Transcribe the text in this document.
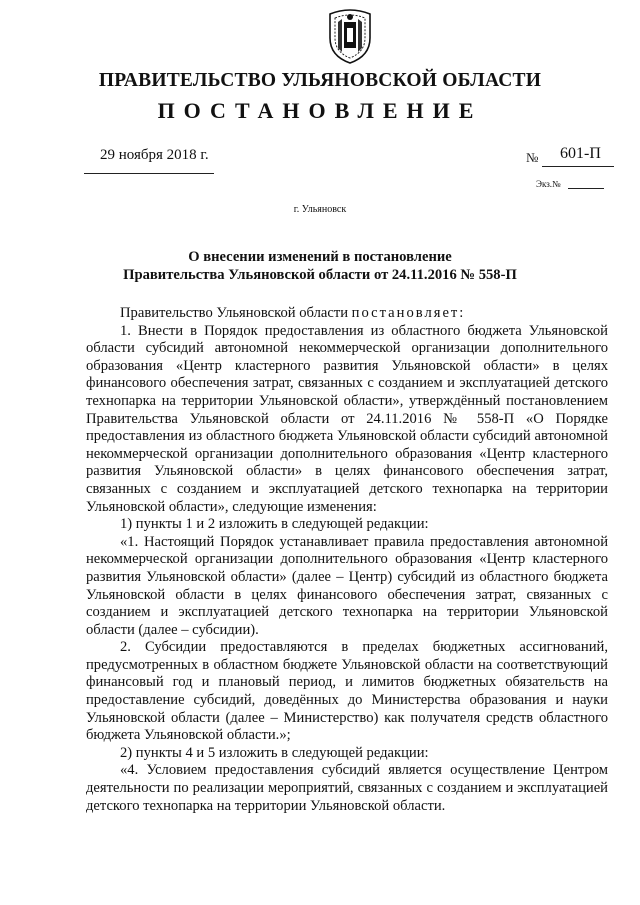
ПРАВИТЕЛЬСТВО УЛЬЯНОВСКОЙ ОБЛАСТИ
ПОСТАНОВЛЕНИЕ
29 ноября 2018 г.	№ 601-П
Экз.№
г. Ульяновск
О внесении изменений в постановление
Правительства Ульяновской области от 24.11.2016 № 558-П

Правительство Ульяновской области постановляет:

1. Внести в Порядок предоставления из областного бюджета Ульяновской области субсидий автономной некоммерческой организации дополнительного образования «Центр кластерного развития Ульяновской области» в целях финансового обеспечения затрат, связанных с созданием и эксплуатацией детского технопарка на территории Ульяновской области», утверждённый постановлением Правительства Ульяновской области от 24.11.2016 № 558-П «О Порядке предоставления из областного бюджета Ульяновской области субсидий автономной некоммерческой организации дополнительного образования «Центр кластерного развития Ульяновской области» в целях финансового обеспечения затрат, связанных с созданием и эксплуатацией детского технопарка на территории Ульяновской области», следующие изменения:

1) пункты 1 и 2 изложить в следующей редакции:

«1. Настоящий Порядок устанавливает правила предоставления автономной некоммерческой организации дополнительного образования «Центр кластерного развития Ульяновской области» (далее – Центр) субсидий из областного бюджета Ульяновской области в целях финансового обеспечения затрат, связанных с созданием и эксплуатацией детского технопарка на территории Ульяновской области (далее – субсидии).

2. Субсидии предоставляются в пределах бюджетных ассигнований, предусмотренных в областном бюджете Ульяновской области на соответствующий финансовый год и плановый период, и лимитов бюджетных обязательств на предоставление субсидий, доведённых до Министерства образования и науки Ульяновской области (далее – Министерство) как получателя средств областного бюджета Ульяновской области.»;

2) пункты 4 и 5 изложить в следующей редакции:

«4. Условием предоставления субсидий является осуществление Центром деятельности по реализации мероприятий, связанных с созданием и эксплуатацией детского технопарка на территории Ульяновской области.
